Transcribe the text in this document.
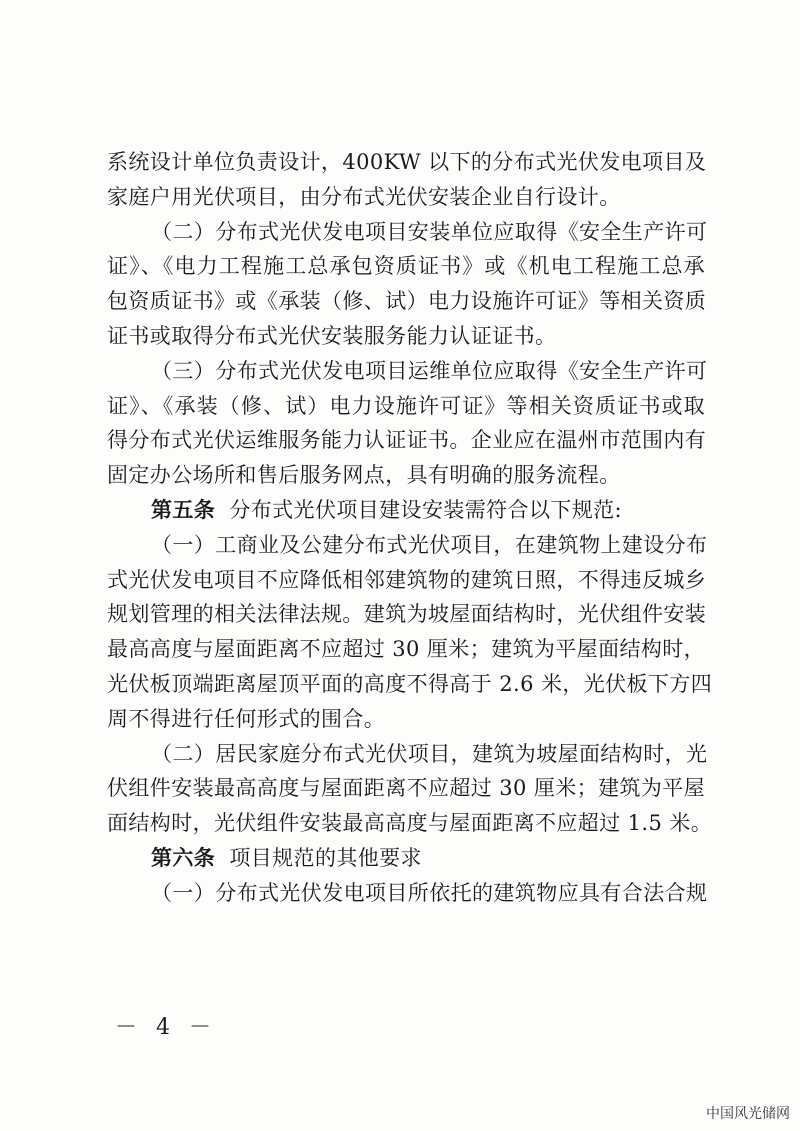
系统设计单位负责设计，400KW 以下的分布式光伏发电项目及
家庭户用光伏项目，由分布式光伏安装企业自行设计。
（二）分布式光伏发电项目安装单位应取得《安全生产许可
证》、《电力工程施工总承包资质证书》或《机电工程施工总承
包资质证书》或《承装（修、试）电力设施许可证》等相关资质
证书或取得分布式光伏安装服务能力认证证书。
（三）分布式光伏发电项目运维单位应取得《安全生产许可
证》、《承装（修、试）电力设施许可证》等相关资质证书或取
得分布式光伏运维服务能力认证证书。企业应在温州市范围内有
固定办公场所和售后服务网点，具有明确的服务流程。
第五条 分布式光伏项目建设安装需符合以下规范:
（一）工商业及公建分布式光伏项目，在建筑物上建设分布
式光伏发电项目不应降低相邻建筑物的建筑日照，不得违反城乡
规划管理的相关法律法规。建筑为坡屋面结构时，光伏组件安装
最高高度与屋面距离不应超过 30 厘米；建筑为平屋面结构时，
光伏板顶端距离屋顶平面的高度不得高于 2.6 米，光伏板下方四
周不得进行任何形式的围合。
（二）居民家庭分布式光伏项目，建筑为坡屋面结构时，光
伏组件安装最高高度与屋面距离不应超过 30 厘米；建筑为平屋
面结构时，光伏组件安装最高高度与屋面距离不应超过 1.5 米。
第六条 项目规范的其他要求
（一）分布式光伏发电项目所依托的建筑物应具有合法合规
－ 4 －
中国风光储网
